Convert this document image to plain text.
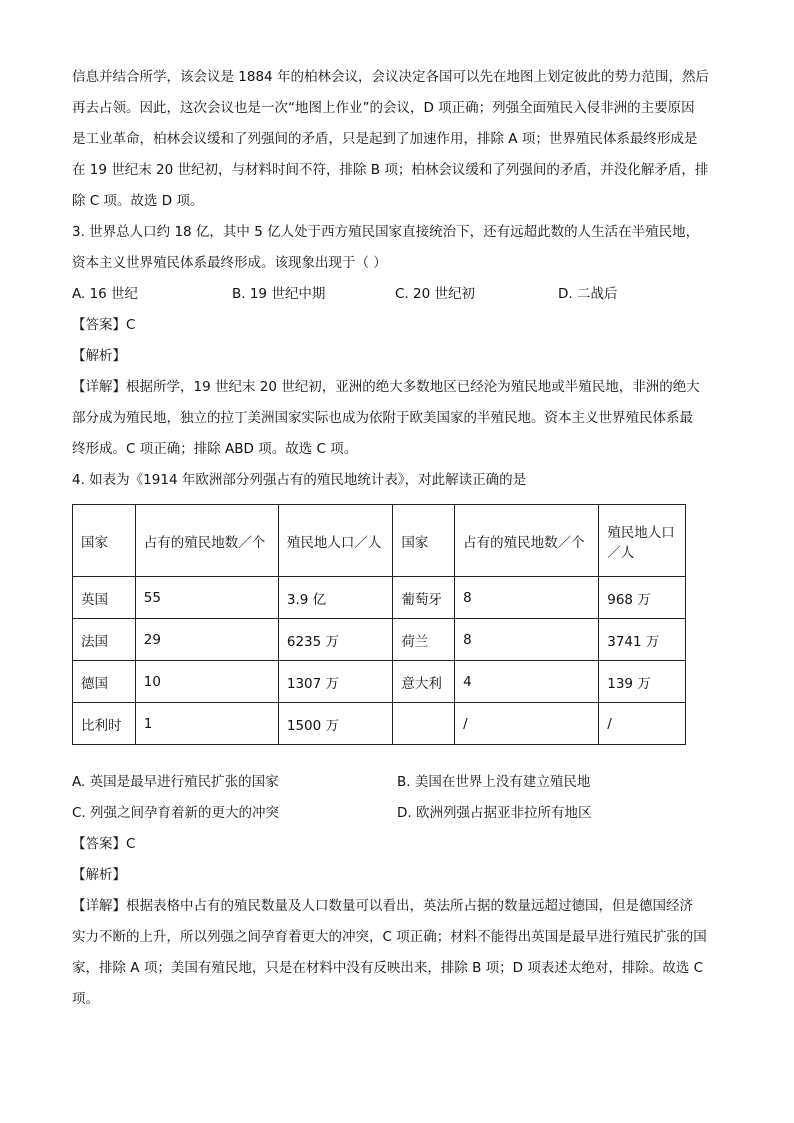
信息并结合所学，该会议是 1884 年的柏林会议，会议决定各国可以先在地图上划定彼此的势力范围，然后
再去占领。因此，这次会议也是一次“地图上作业”的会议，D 项正确；列强全面殖民入侵非洲的主要原因
是工业革命，柏林会议缓和了列强间的矛盾，只是起到了加速作用，排除 A 项；世界殖民体系最终形成是
在 19 世纪末 20 世纪初，与材料时间不符，排除 B 项；柏林会议缓和了列强间的矛盾，并没化解矛盾，排
除 C 项。故选 D 项。
3. 世界总人口约 18 亿，其中 5 亿人处于西方殖民国家直接统治下，还有远超此数的人生活在半殖民地，
资本主义世界殖民体系最终形成。该现象出现于（ ）
A. 16 世纪	B. 19 世纪中期	C. 20 世纪初	D. 二战后
【答案】C
【解析】
【详解】根据所学，19 世纪末 20 世纪初，亚洲的绝大多数地区已经沦为殖民地或半殖民地，非洲的绝大
部分成为殖民地，独立的拉丁美洲国家实际也成为依附于欧美国家的半殖民地。资本主义世界殖民体系最
终形成。C 项正确；排除 ABD 项。故选 C 项。
4. 如表为《1914 年欧洲部分列强占有的殖民地统计表》，对此解读正确的是
国家	占有的殖民地数／个	殖民地人口／人	国家	占有的殖民地数／个	殖民地人口／人
英国	55	3.9 亿	葡萄牙	8	968 万
法国	29	6235 万	荷兰	8	3741 万
德国	10	1307 万	意大利	4	139 万
比利时	1	1500 万		/	/
A. 英国是最早进行殖民扩张的国家	B. 美国在世界上没有建立殖民地
C. 列强之间孕育着新的更大的冲突	D. 欧洲列强占据亚非拉所有地区
【答案】C
【解析】
【详解】根据表格中占有的殖民数量及人口数量可以看出，英法所占据的数量远超过德国，但是德国经济
实力不断的上升，所以列强之间孕育着更大的冲突，C 项正确；材料不能得出英国是最早进行殖民扩张的国
家，排除 A 项；美国有殖民地，只是在材料中没有反映出来，排除 B 项；D 项表述太绝对，排除。故选 C
项。
